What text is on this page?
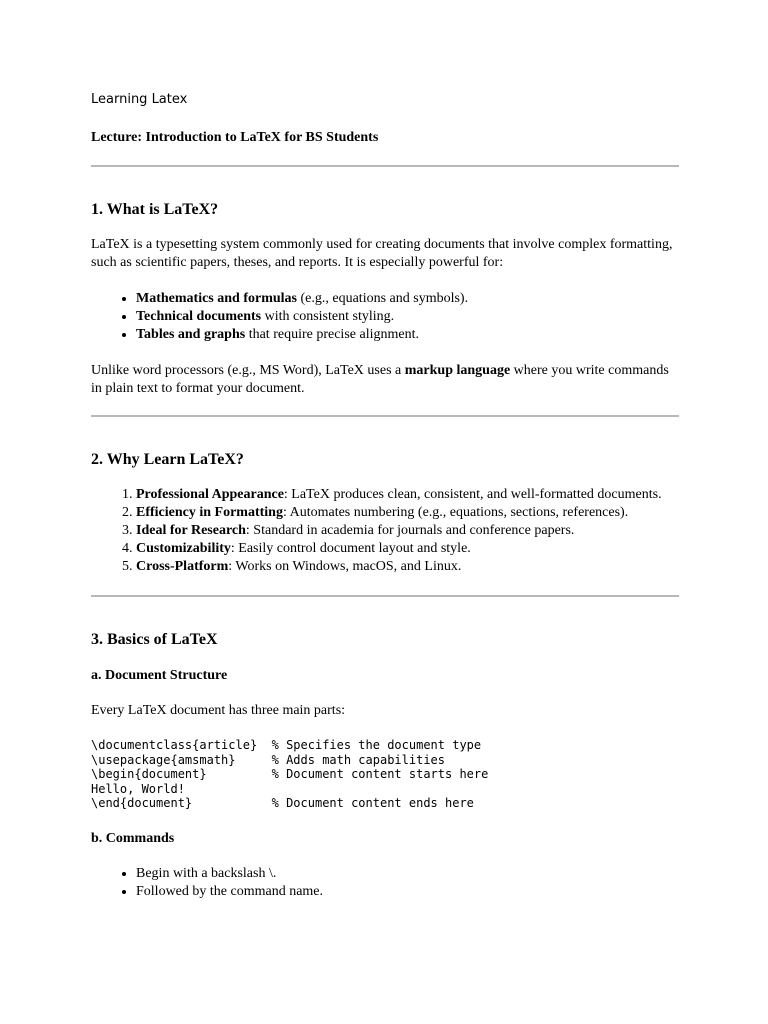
Learning Latex
Lecture: Introduction to LaTeX for BS Students
1. What is LaTeX?

LaTeX is a typesetting system commonly used for creating documents that involve complex formatting, such as scientific papers, theses, and reports. It is especially powerful for:

• Mathematics and formulas (e.g., equations and symbols).
• Technical documents with consistent styling.
• Tables and graphs that require precise alignment.

Unlike word processors (e.g., MS Word), LaTeX uses a markup language where you write commands in plain text to format your document.

2. Why Learn LaTeX?
1. Professional Appearance: LaTeX produces clean, consistent, and well-formatted documents.
2. Efficiency in Formatting: Automates numbering (e.g., equations, sections, references).
3. Ideal for Research: Standard in academia for journals and conference papers.
4. Customizability: Easily control document layout and style.
5. Cross-Platform: Works on Windows, macOS, and Linux.
3. Basics of LaTeX
a. Document Structure

Every LaTeX document has three main parts:

\documentclass{article}  % Specifies the document type
\usepackage{amsmath}     % Adds math capabilities
\begin{document}         % Document content starts here
Hello, World!
\end{document}           % Document content ends here
b. Commands
• Begin with a backslash \.
• Followed by the command name.
